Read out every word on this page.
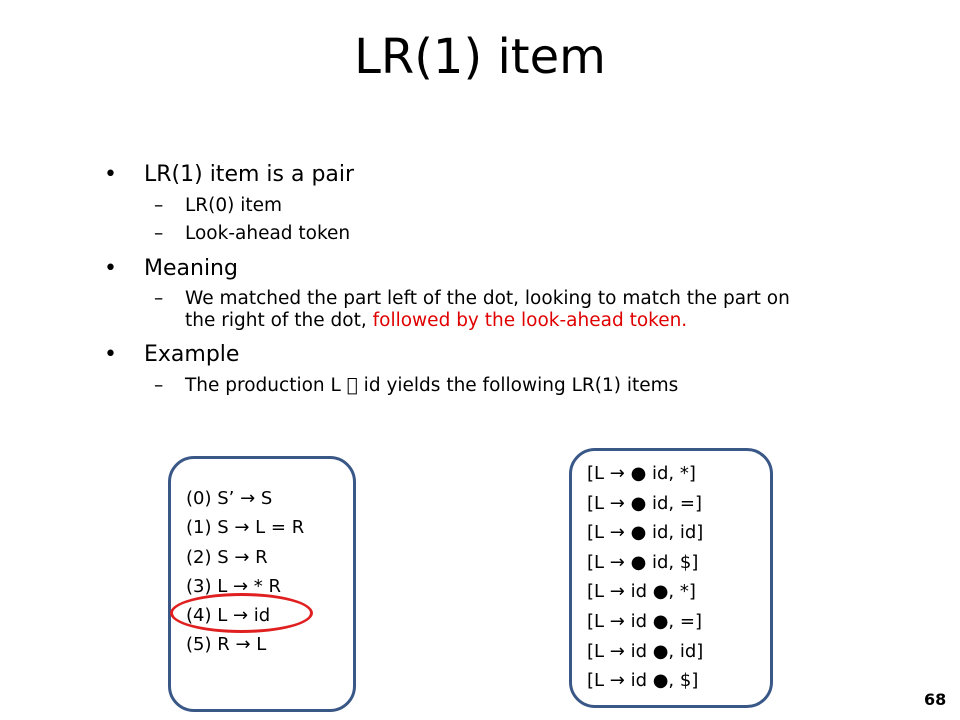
LR(1) item
• LR(1) item is a pair
– LR(0) item
– Look-ahead token
• Meaning
– We matched the part left of the dot, looking to match the part on
the right of the dot, followed by the look-ahead token.
• Example
– The production L   id yields the following LR(1) items
(0) S’ → S
(1) S → L = R
(2) S → R
(3) L → * R
(4) L → id
(5) R → L
[L → ● id, *]
[L → ● id, =]
[L → ● id, id]
[L → ● id, $]
[L → id ●, *]
[L → id ●, =]
[L → id ●, id]
[L → id ●, $]
68
